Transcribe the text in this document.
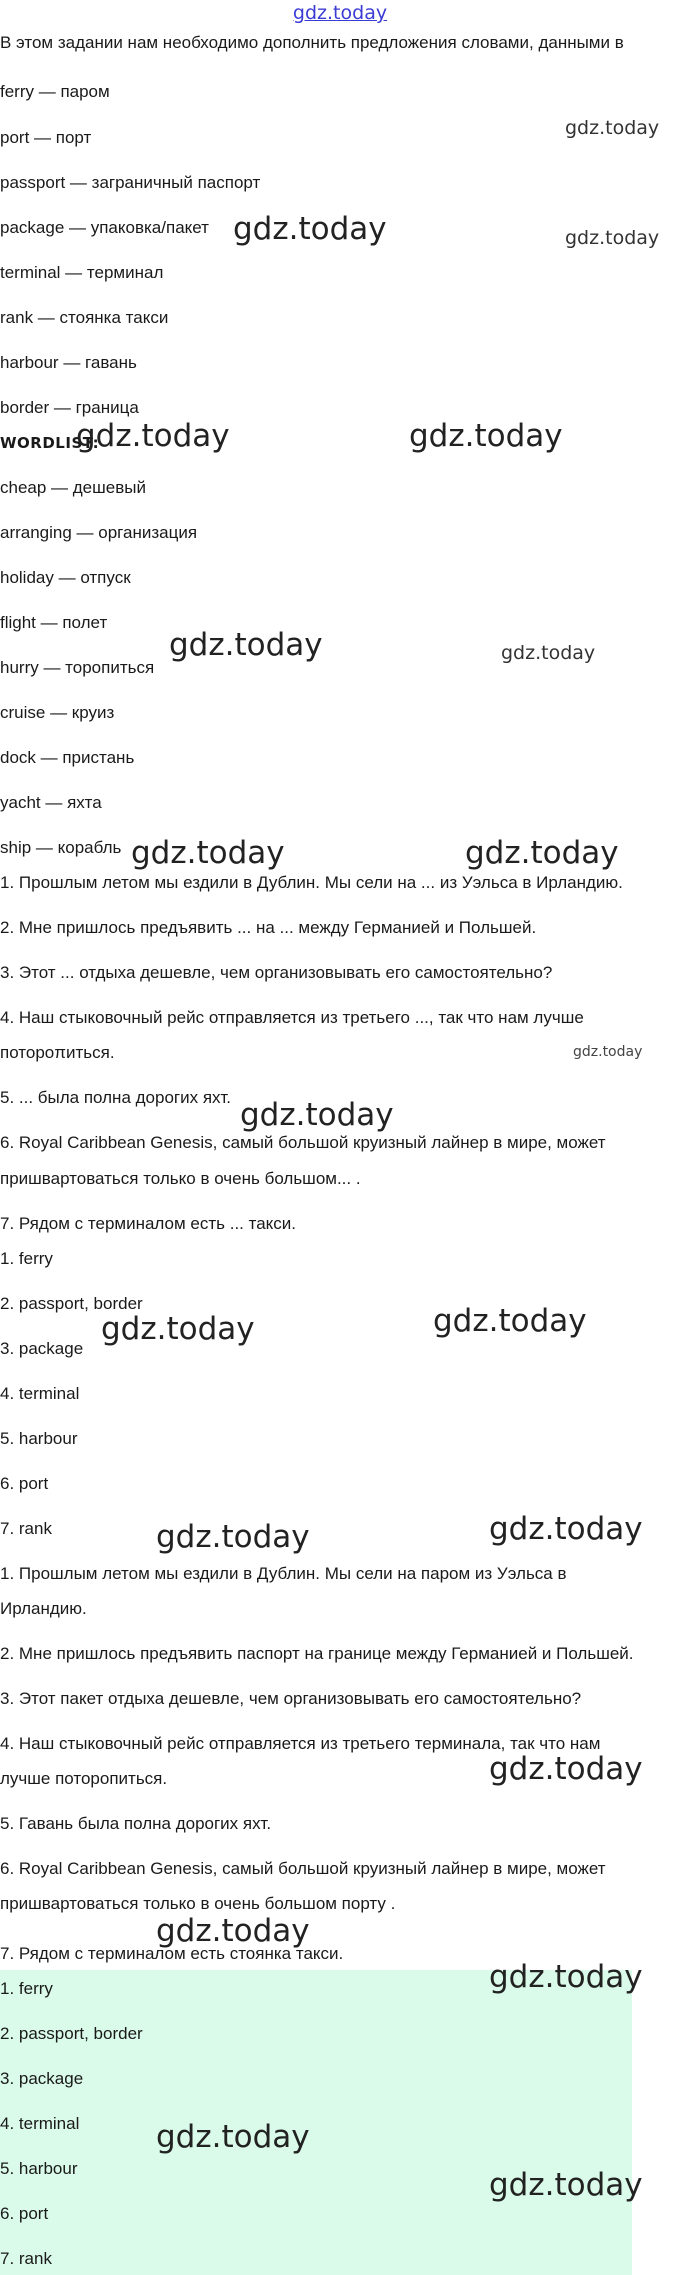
gdz.today
В этом задании нам необходимо дополнить предложения словами, данными в
ferry — паром
port — порт
passport — заграничный паспорт
package — упаковка/пакет
terminal — терминал
rank — стоянка такси
harbour — гавань
border — граница
WORDLIST:
cheap — дешевый
arranging — организация
holiday — отпуск
flight — полет
hurry — торопиться
cruise — круиз
dock — пристань
yacht — яхта
ship — корабль
1. Прошлым летом мы ездили в Дублин. Мы сели на ... из Уэльса в Ирландию.
2. Мне пришлось предъявить ... на ... между Германией и Польшей.
3. Этот ... отдыха дешевле, чем организовывать его самостоятельно?
4. Наш стыковочный рейс отправляется из третьего ..., так что нам лучше
потороπиться.
5. ... была полна дорогих яхт.
6. Royal Caribbean Genesis, самый большой круизный лайнер в мире, может
пришвартоваться только в очень большом... .
7. Рядом с терминалом есть ... такси.
1. ferry
2. passport, border
3. package
4. terminal
5. harbour
6. port
7. rank
1. Прошлым летом мы ездили в Дублин. Мы сели на паром из Уэльса в
Ирландию.
2. Мне пришлось предъявить паспорт на границе между Германией и Польшей.
3. Этот пакет отдыха дешевле, чем организовывать его самостоятельно?
4. Наш стыковочный рейс отправляется из третьего терминала, так что нам
лучше поторопиться.
5. Гавань была полна дорогих яхт.
6. Royal Caribbean Genesis, самый большой круизный лайнер в мире, может
пришвартоваться только в очень большом порту .
7. Рядом с терминалом есть стоянка такси.
1. ferry
2. passport, border
3. package
4. terminal
5. harbour
6. port
7. rank
gdz.today
gdz.today	gdz.today
gdz.today	gdz.today
gdz.today	gdz.today
gdz.today	gdz.today
gdz.today
gdz.today
gdz.today	gdz.today
gdz.today	gdz.today
gdz.today
gdz.today
gdz.today
gdz.today
gdz.today
